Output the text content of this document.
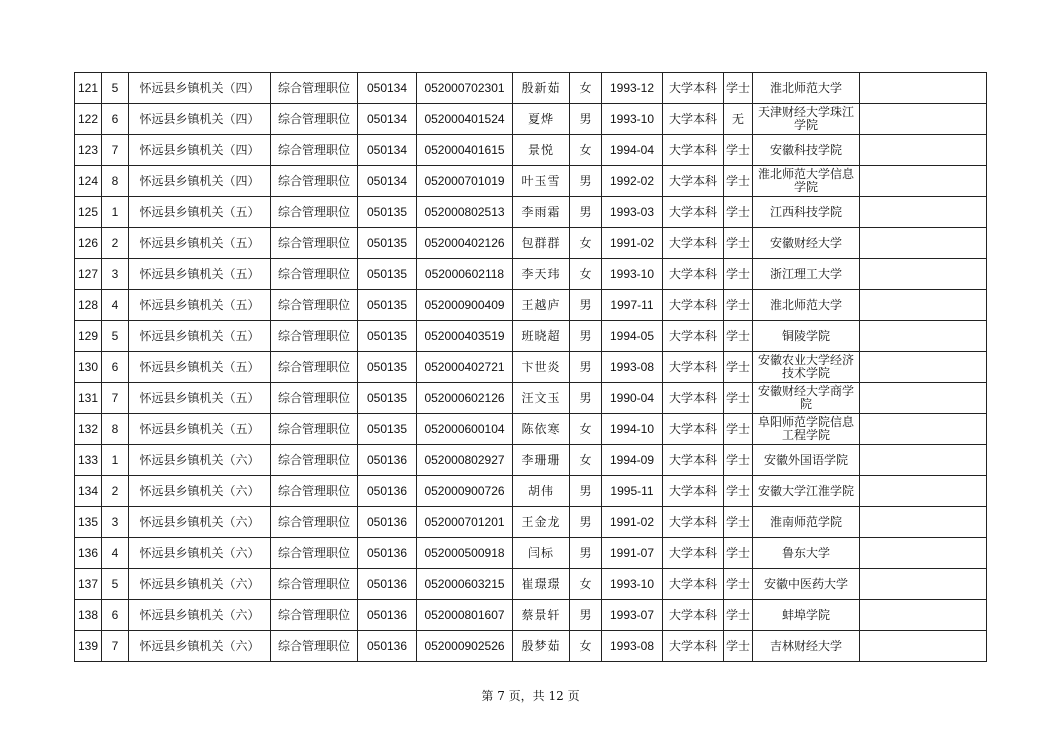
121	5	怀远县乡镇机关（四）	综合管理职位	050134	052000702301	殷新茹	女	1993-12	大学本科	学士	淮北师范大学	
122	6	怀远县乡镇机关（四）	综合管理职位	050134	052000401524	夏烨	男	1993-10	大学本科	无	天津财经大学珠江学院	
123	7	怀远县乡镇机关（四）	综合管理职位	050134	052000401615	景悦	女	1994-04	大学本科	学士	安徽科技学院	
124	8	怀远县乡镇机关（四）	综合管理职位	050134	052000701019	叶玉雪	男	1992-02	大学本科	学士	淮北师范大学信息学院	
125	1	怀远县乡镇机关（五）	综合管理职位	050135	052000802513	李雨霜	男	1993-03	大学本科	学士	江西科技学院	
126	2	怀远县乡镇机关（五）	综合管理职位	050135	052000402126	包群群	女	1991-02	大学本科	学士	安徽财经大学	
127	3	怀远县乡镇机关（五）	综合管理职位	050135	052000602118	李天玮	女	1993-10	大学本科	学士	浙江理工大学	
128	4	怀远县乡镇机关（五）	综合管理职位	050135	052000900409	王越庐	男	1997-11	大学本科	学士	淮北师范大学	
129	5	怀远县乡镇机关（五）	综合管理职位	050135	052000403519	班晓超	男	1994-05	大学本科	学士	铜陵学院	
130	6	怀远县乡镇机关（五）	综合管理职位	050135	052000402721	卞世炎	男	1993-08	大学本科	学士	安徽农业大学经济技术学院	
131	7	怀远县乡镇机关（五）	综合管理职位	050135	052000602126	汪文玉	男	1990-04	大学本科	学士	安徽财经大学商学院	
132	8	怀远县乡镇机关（五）	综合管理职位	050135	052000600104	陈依寒	女	1994-10	大学本科	学士	阜阳师范学院信息工程学院	
133	1	怀远县乡镇机关（六）	综合管理职位	050136	052000802927	李珊珊	女	1994-09	大学本科	学士	安徽外国语学院	
134	2	怀远县乡镇机关（六）	综合管理职位	050136	052000900726	胡伟	男	1995-11	大学本科	学士	安徽大学江淮学院	
135	3	怀远县乡镇机关（六）	综合管理职位	050136	052000701201	王金龙	男	1991-02	大学本科	学士	淮南师范学院	
136	4	怀远县乡镇机关（六）	综合管理职位	050136	052000500918	闫标	男	1991-07	大学本科	学士	鲁东大学	
137	5	怀远县乡镇机关（六）	综合管理职位	050136	052000603215	崔璟璟	女	1993-10	大学本科	学士	安徽中医药大学	
138	6	怀远县乡镇机关（六）	综合管理职位	050136	052000801607	蔡景轩	男	1993-07	大学本科	学士	蚌埠学院	
139	7	怀远县乡镇机关（六）	综合管理职位	050136	052000902526	殷梦茹	女	1993-08	大学本科	学士	吉林财经大学	
第 7 页，共 12 页
